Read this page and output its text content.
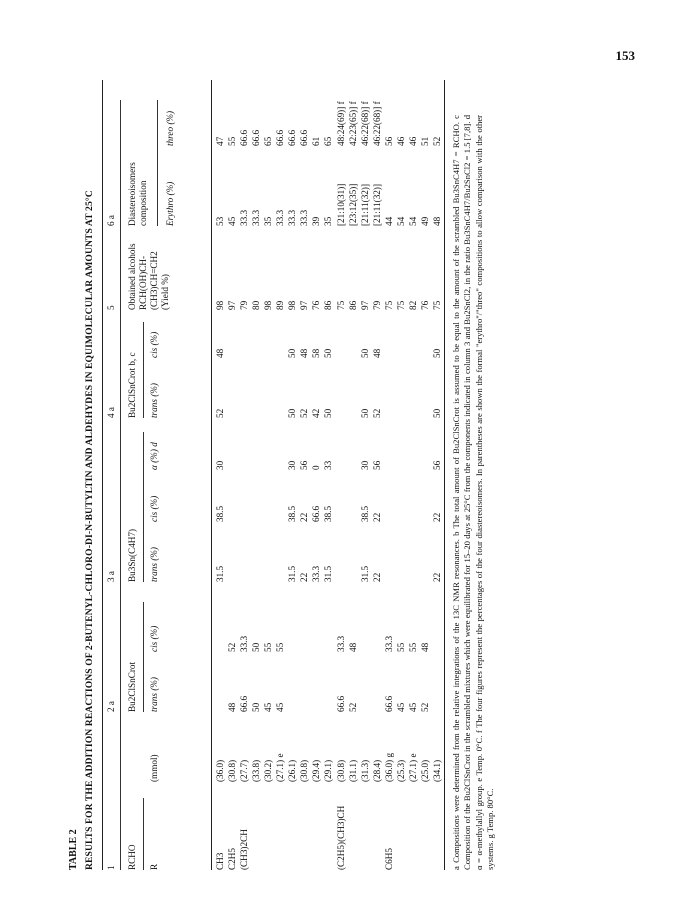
153
TABLE 2 RESULTS FOR THE ADDITION REACTIONS OF 2-BUTENYL-CHLORO-DI-N-BUTYLTIN AND ALDEHYDES IN EQUIMOLECULAR AMOUNTS AT 25°C 1
2 a
3 a
4 a
5
6 a
RCHO
Bu2ClSnCrot
Bu3Sn(C4H7)
Bu2ClSnCrot b, c
Obtained alcohols RCH(OH)CH-(CH3)CH=CH2 (Yield %)
Diastereoisomers composition
R
(mmol)
trans (%)
cis (%)
trans (%)
cis (%)
α (%) d
trans (%)
cis (%)
Erythro (%)
threo (%)
CH3
(36.0)
31.5
38.5
30
52
48
98
53
47
C2H5
(30.8)
48
52
97
45
55
(CH3)2CH
(27.7)
66.6
33.3
79
33.3
66.6
(33.8)
50
50
80
33.3
66.6
(30.2)
45
55
98
35
65
(27.1) e
45
55
89
33.3
66.6
(26.1)
31.5
38.5
30
50
50
98
33.3
66.6
(30.8)
22
22
56
52
48
97
33.3
66.6
(29.4)
33.3
66.6
0
42
58
76
39
61
(29.1)
31.5
38.5
33
50
50
86
35
65
(C2H5)(CH3)CH
(30.8)
66.6
33.3
75
[21:10(31)]
48:24(69)] f
(31.1)
52
48
86
[23:12(35)]
42:23(65)] f
(31.3)
31.5
38.5
30
50
50
97
[21:11(32)]
46:22(68)] f
(28.4)
22
22
56
52
48
79
[21:11(32)]
46:22(68)] f
C6H5
(36.0) g
66.6
33.3
75
44
56
(25.3)
45
55
75
54
46
(27.1) e
45
55
82
54
46
(25.0)
52
48
76
49
51
(34.1)
22
22
56
50
50
75
48
52 a Compositions were determined from the relative integrations of the 13C NMR resonances. b The total amount of Bu2ClSnCrot is assumed to be equal to the amount of the scrambled Bu3SnC4H7 = RCHO. c Composition of the Bu2ClSnCrot in the scrambled mixtures which were equilibrated for 15–20 days at 25°C from the components indicated in column 3 and Bu2SnCl2, in the ratio Bu3SnC4H7/Bu2SnCl2 = 1.5 [7,8]. d α = α-methylallyl group. e Temp. 0°C. f The four figures represent the percentages of the four diastereoisomers. In parentheses are shown the formal "erythro"/"threo" compositions to allow comparison with the other systems. g Temp. 80°C.
